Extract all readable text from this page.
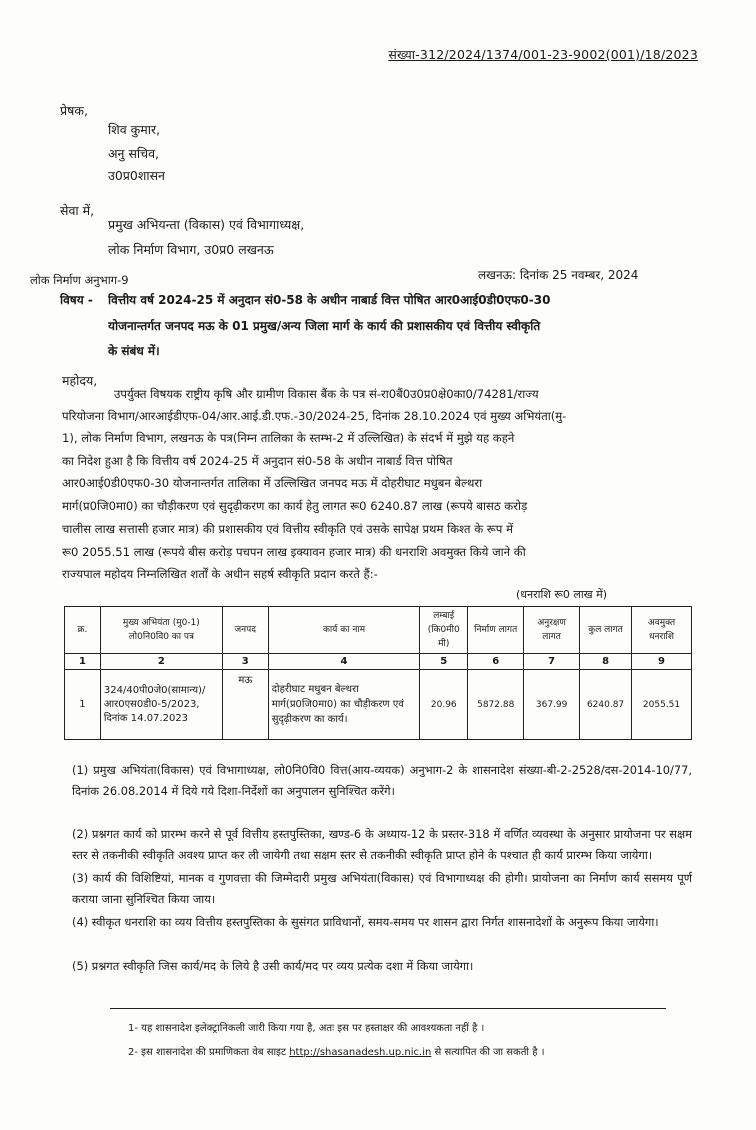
संख्या-312/2024/1374/001-23-9002(001)/18/2023
प्रेषक,
शिव कुमार,
अनु सचिव,
उ0प्र0शासन
सेवा में,
प्रमुख अभियन्ता (विकास) एवं विभागाध्यक्ष,
लोक निर्माण विभाग, उ0प्र0 लखनऊ
लोक निर्माण अनुभाग-9	लखनऊ: दिनांक 25 नवम्बर, 2024
विषय - वित्तीय वर्ष 2024-25 में अनुदान सं0-58 के अधीन नाबार्ड वित्त पोषित आर0आई0डी0एफ0-30
योजनान्तर्गत जनपद मऊ के 01 प्रमुख/अन्य जिला मार्ग के कार्य की प्रशासकीय एवं वित्तीय स्वीकृति
के संबंध में।
महोदय,
उपर्युक्त विषयक राष्ट्रीय कृषि और ग्रामीण विकास बैंक के पत्र सं-रा0बैं0उ0प्र0क्षे0का0/74281/राज्य
परियोजना विभाग/आरआईडीएफ-04/आर.आई.डी.एफ.-30/2024-25, दिनांक 28.10.2024 एवं मुख्य अभियंता(मु-
1), लोक निर्माण विभाग, लखनऊ के पत्र(निम्न तालिका के स्तम्भ-2 में उल्लिखित) के संदर्भ में मुझे यह कहने
का निदेश हुआ है कि वित्तीय वर्ष 2024-25 में अनुदान सं0-58 के अधीन नाबार्ड वित्त पोषित
आर0आई0डी0एफ0-30 योजनान्तर्गत तालिका में उल्लिखित जनपद मऊ में दोहरीघाट मधुबन बेल्थरा
मार्ग(प्र0जि0मा0) का चौड़ीकरण एवं सुदृढ़ीकरण का कार्य हेतु लागत रू0 6240.87 लाख (रूपये बासठ करोड़
चालीस लाख सत्तासी हजार मात्र) की प्रशासकीय एवं वित्तीय स्वीकृति एवं उसके सापेक्ष प्रथम किश्त के रूप में
रू0 2055.51 लाख (रूपये बीस करोड़ पचपन लाख इक्यावन हजार मात्र) की धनराशि अवमुक्त किये जाने की
राज्यपाल महोदय निम्नलिखित शर्तों के अधीन सहर्ष स्वीकृति प्रदान करते हैं:-
(धनराशि रू0 लाख में)
क्र.	मुख्य अभियंता (मु0-1) लो0नि0वि0 का पत्र	जनपद	कार्य का नाम	लम्बाई (कि0मी0 मी)	निर्माण लागत	अनुरक्षण लागत	कुल लागत	अवमुक्त धनराशि
1	2	3	4	5	6	7	8	9
1	324/40पी0जे0(सामान्य)/आर0एस0डी0-5/2023, दिनांक 14.07.2023	मऊ	दोहरीघाट मधुबन बेल्थरा मार्ग(प्र0जि0मा0) का चौड़ीकरण एवं सुदृढ़ीकरण का कार्य।	20.96	5872.88	367.99	6240.87	2055.51
(1) प्रमुख अभियंता(विकास) एवं विभागाध्यक्ष, लो0नि0वि0 वित्त(आय-व्ययक) अनुभाग-2 के शासनादेश संख्या-बी-2-2528/दस-2014-10/77, दिनांक 26.08.2014 में दिये गये दिशा-निर्देशों का अनुपालन सुनिश्चित करेंगे।
(2) प्रश्नगत कार्य को प्रारम्भ करने से पूर्व वित्तीय हस्तपुस्तिका, खण्ड-6 के अध्याय-12 के प्रस्तर-318 में वर्णित व्यवस्था के अनुसार प्रायोजना पर सक्षम स्तर से तकनीकी स्वीकृति अवश्य प्राप्त कर ली जायेगी तथा सक्षम स्तर से तकनीकी स्वीकृति प्राप्त होने के पश्चात ही कार्य प्रारम्भ किया जायेगा।
(3) कार्य की विशिष्टियां, मानक व गुणवत्ता की जिम्मेदारी प्रमुख अभियंता(विकास) एवं विभागाध्यक्ष की होगी। प्रायोजना का निर्माण कार्य ससमय पूर्ण कराया जाना सुनिश्चित किया जाय।
(4) स्वीकृत धनराशि का व्यय वित्तीय हस्तपुस्तिका के सुसंगत प्राविधानों, समय-समय पर शासन द्वारा निर्गत शासनादेशों के अनुरूप किया जायेगा।
(5) प्रश्नगत स्वीकृति जिस कार्य/मद के लिये है उसी कार्य/मद पर व्यय प्रत्येक दशा में किया जायेगा।
1- यह शासनादेश इलेक्ट्रानिकली जारी किया गया है, अतः इस पर हस्ताक्षर की आवश्यकता नहीं है ।
2- इस शासनादेश की प्रमाणिकता वेब साइट http://shasanadesh.up.nic.in से सत्यापित की जा सकती है ।
